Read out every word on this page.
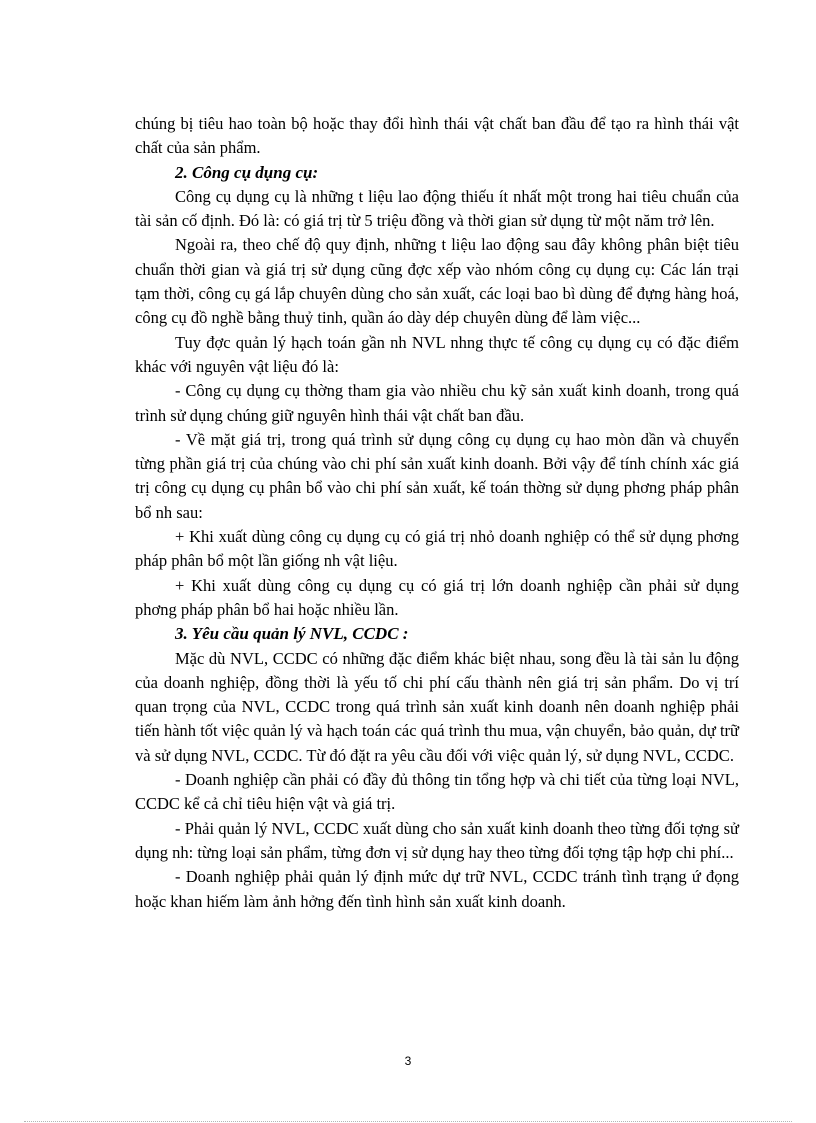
chúng bị tiêu hao toàn bộ hoặc thay đổi hình thái vật chất ban đầu để tạo ra hình thái vật chất của sản phẩm.

2. Công cụ dụng cụ:

Công cụ dụng cụ là những t liệu lao động thiếu ít nhất một trong hai tiêu chuẩn của tài sản cố định. Đó là: có giá trị từ 5 triệu đồng và thời gian sử dụng từ một năm trở lên.

Ngoài ra, theo chế độ quy định, những t liệu lao động sau đây không phân biệt tiêu chuẩn thời gian và giá trị sử dụng cũng đợc xếp vào nhóm công cụ dụng cụ: Các lán trại tạm thời, công cụ gá lắp chuyên dùng cho sản xuất, các loại bao bì dùng để đựng hàng hoá, công cụ đồ nghề bằng thuỷ tinh, quần áo dày dép chuyên dùng để làm việc...

Tuy đợc quản lý hạch toán gần nh NVL nhng thực tế công cụ dụng cụ có đặc điểm khác với nguyên vật liệu đó là:

- Công cụ dụng cụ thờng tham gia vào nhiều chu kỹ sản xuất kinh doanh, trong quá trình sử dụng chúng giữ nguyên hình thái vật chất ban đầu.

- Về mặt giá trị, trong quá trình sử dụng công cụ dụng cụ hao mòn dần và chuyển từng phần giá trị của chúng vào chi phí sản xuất kinh doanh. Bởi vậy để tính chính xác giá trị công cụ dụng cụ phân bổ vào chi phí sản xuất, kế toán thờng sử dụng phơng pháp phân bổ nh sau:

+ Khi xuất dùng công cụ dụng cụ có giá trị nhỏ doanh nghiệp có thể sử dụng phơng pháp phân bổ một lần giống nh vật liệu.

+ Khi xuất dùng công cụ dụng cụ có giá trị lớn doanh nghiệp cần phải sử dụng phơng pháp phân bổ hai hoặc nhiều lần.

3. Yêu cầu quản lý NVL, CCDC :

Mặc dù NVL, CCDC có những đặc điểm khác biệt nhau, song đều là tài sản lu động của doanh nghiệp, đồng thời là yếu tố chi phí cấu thành nên giá trị sản phẩm. Do vị trí quan trọng của NVL, CCDC trong quá trình sản xuất kinh doanh nên doanh nghiệp phải tiến hành tốt việc quản lý và hạch toán các quá trình thu mua, vận chuyển, bảo quản, dự trữ và sử dụng NVL, CCDC. Từ đó đặt ra yêu cầu đối với việc quản lý, sử dụng NVL, CCDC.

- Doanh nghiệp cần phải có đầy đủ thông tin tổng hợp và chi tiết của từng loại NVL, CCDC kể cả chỉ tiêu hiện vật và giá trị.

- Phải quản lý NVL, CCDC xuất dùng cho sản xuất kinh doanh theo từng đối tợng sử dụng nh: từng loại sản phẩm, từng đơn vị sử dụng hay theo từng đối tợng tập hợp chi phí...

- Doanh nghiệp phải quản lý định mức dự trữ NVL, CCDC tránh tình trạng ứ đọng hoặc khan hiếm làm ảnh hởng đến tình hình sản xuất kinh doanh.

3
